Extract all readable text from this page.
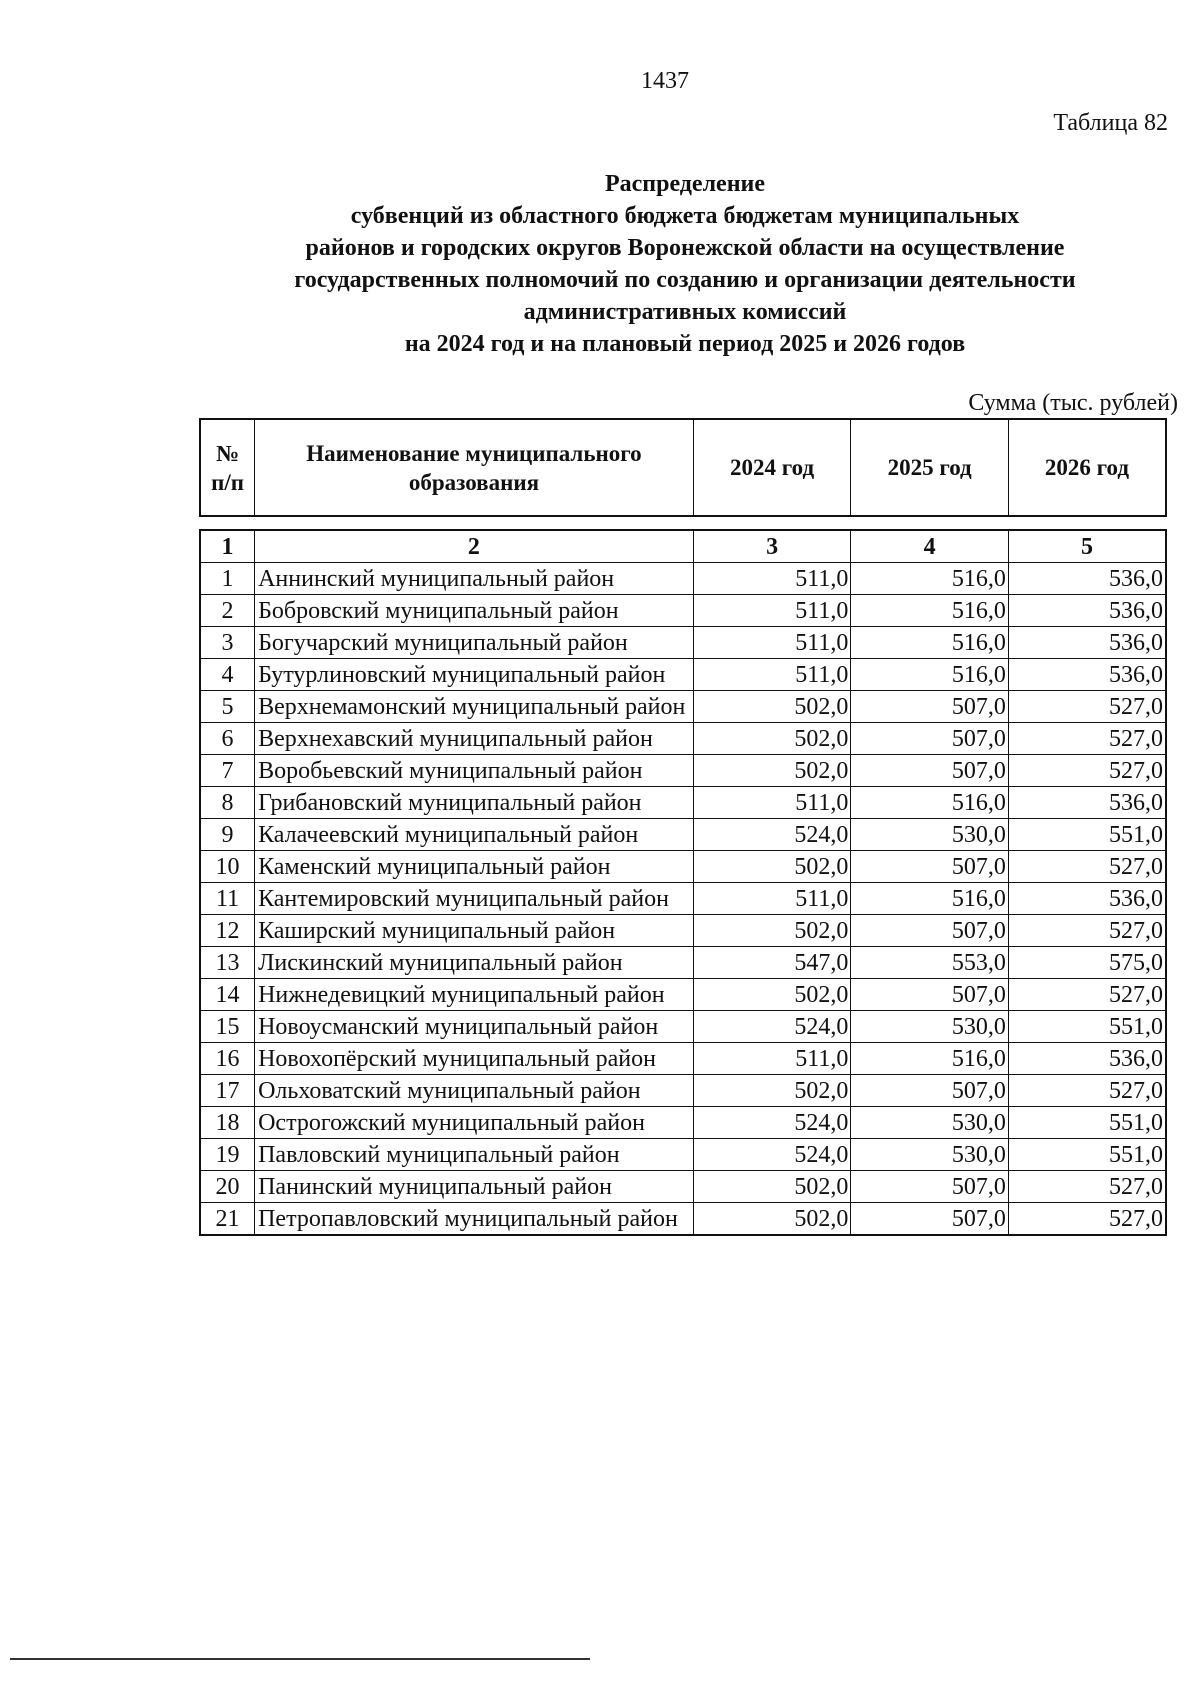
1437
Таблица 82
Распределение
субвенций из областного бюджета бюджетам муниципальных
районов и городских округов Воронежской области на осуществление
государственных полномочий по созданию и организации деятельности
административных комиссий
на 2024 год и на плановый период 2025 и 2026 годов
Сумма (тыс. рублей)
№ п/п	Наименование муниципального образования	2024 год	2025 год	2026 год
1	2	3	4	5
1	Аннинский муниципальный район	511,0	516,0	536,0
2	Бобровский муниципальный район	511,0	516,0	536,0
3	Богучарский муниципальный район	511,0	516,0	536,0
4	Бутурлиновский муниципальный район	511,0	516,0	536,0
5	Верхнемамонский муниципальный район	502,0	507,0	527,0
6	Верхнехавский муниципальный район	502,0	507,0	527,0
7	Воробьевский муниципальный район	502,0	507,0	527,0
8	Грибановский муниципальный район	511,0	516,0	536,0
9	Калачеевский муниципальный район	524,0	530,0	551,0
10	Каменский муниципальный район	502,0	507,0	527,0
11	Кантемировский муниципальный район	511,0	516,0	536,0
12	Каширский муниципальный район	502,0	507,0	527,0
13	Лискинский муниципальный район	547,0	553,0	575,0
14	Нижнедевицкий муниципальный район	502,0	507,0	527,0
15	Новоусманский муниципальный район	524,0	530,0	551,0
16	Новохопёрский муниципальный район	511,0	516,0	536,0
17	Ольховатский муниципальный район	502,0	507,0	527,0
18	Острогожский муниципальный район	524,0	530,0	551,0
19	Павловский муниципальный район	524,0	530,0	551,0
20	Панинский муниципальный район	502,0	507,0	527,0
21	Петропавловский муниципальный район	502,0	507,0	527,0
